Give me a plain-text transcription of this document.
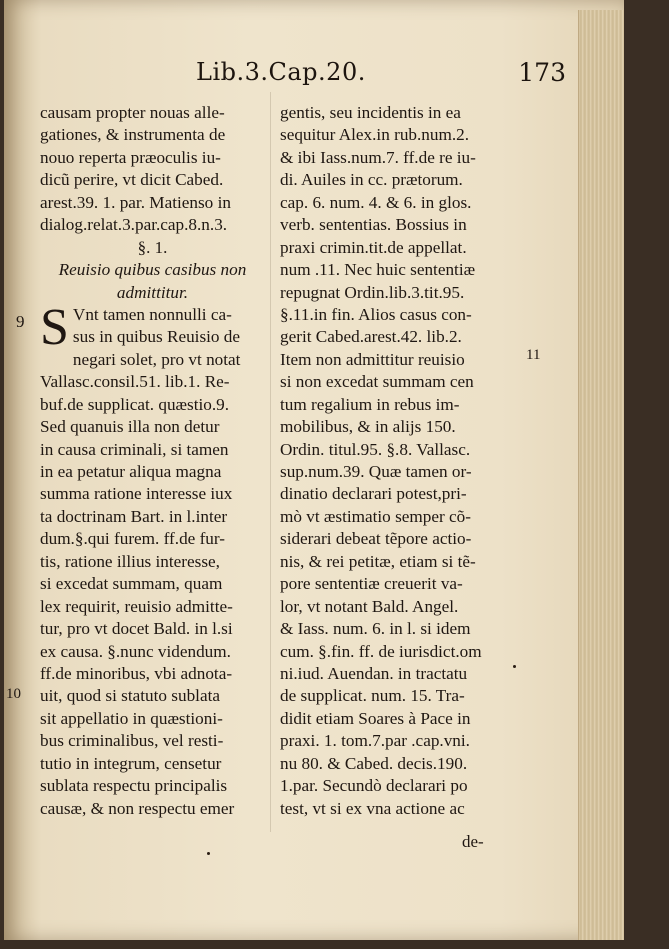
Lib.3.Cap.20.	173
causam propter nouas alle-
gationes, & instrumenta de
nouo reperta præoculis iu-
dicũ perire, vt dicit Cabed.
arest.39. 1. par. Matienso in
dialog.relat.3.par.cap.8.n.3.
§. 1.
Reuisio quibus casibus non
admittitur.
S Vnt tamen nonnulli ca-
sus in quibus Reuisio de
negari solet, pro vt notat
Vallasc.consil.51. lib.1. Re-
buf.de supplicat. quæstio.9.
Sed quanuis illa non detur
in causa criminali, si tamen
in ea petatur aliqua magna
summa ratione interesse iux
ta doctrinam Bart. in l.inter
dum.§.qui furem. ff.de fur-
tis, ratione illius interesse,
si excedat summam, quam
lex requirit, reuisio admitte-
tur, pro vt docet Bald. in l.si
ex causa. §.nunc videndum.
ff.de minoribus, vbi adnota-
uit, quod si statuto sublata
sit appellatio in quæstioni-
bus criminalibus, vel resti-
tutio in integrum, censetur
sublata respectu principalis
causæ, & non respectu emer
gentis, seu incidentis in ea
sequitur Alex.in rub.num.2.
& ibi Iass.num.7. ff.de re iu-
di. Auiles in cc. prætorum.
cap. 6. num. 4. & 6. in glos.
verb. sententias. Bossius in
praxi crimin.tit.de appellat.
num .11. Nec huic sententiæ
repugnat Ordin.lib.3.tit.95.
§.11.in fin. Alios casus con-
gerit Cabed.arest.42. lib.2.
Item non admittitur reuisio
si non excedat summam cen
tum regalium in rebus im-
mobilibus, & in alijs 150.
Ordin. titul.95. §.8. Vallasc.
sup.num.39. Quæ tamen or-
dinatio declarari potest,pri-
mò vt æstimatio semper cõ-
siderari debeat tẽpore actio-
nis, & rei petitæ, etiam si tẽ-
pore sententiæ creuerit va-
lor, vt notant Bald. Angel.
& Iass. num. 6. in l. si idem
cum. §.fin. ff. de iurisdict.om
ni.iud. Auendan. in tractatu
de supplicat. num. 15. Tra-
didit etiam Soares à Pace in
praxi. 1. tom.7.par .cap.vni.
nu 80. & Cabed. decis.190.
1.par. Secundò declarari po
test, vt si ex vna actione ac
de-
9
10
11
